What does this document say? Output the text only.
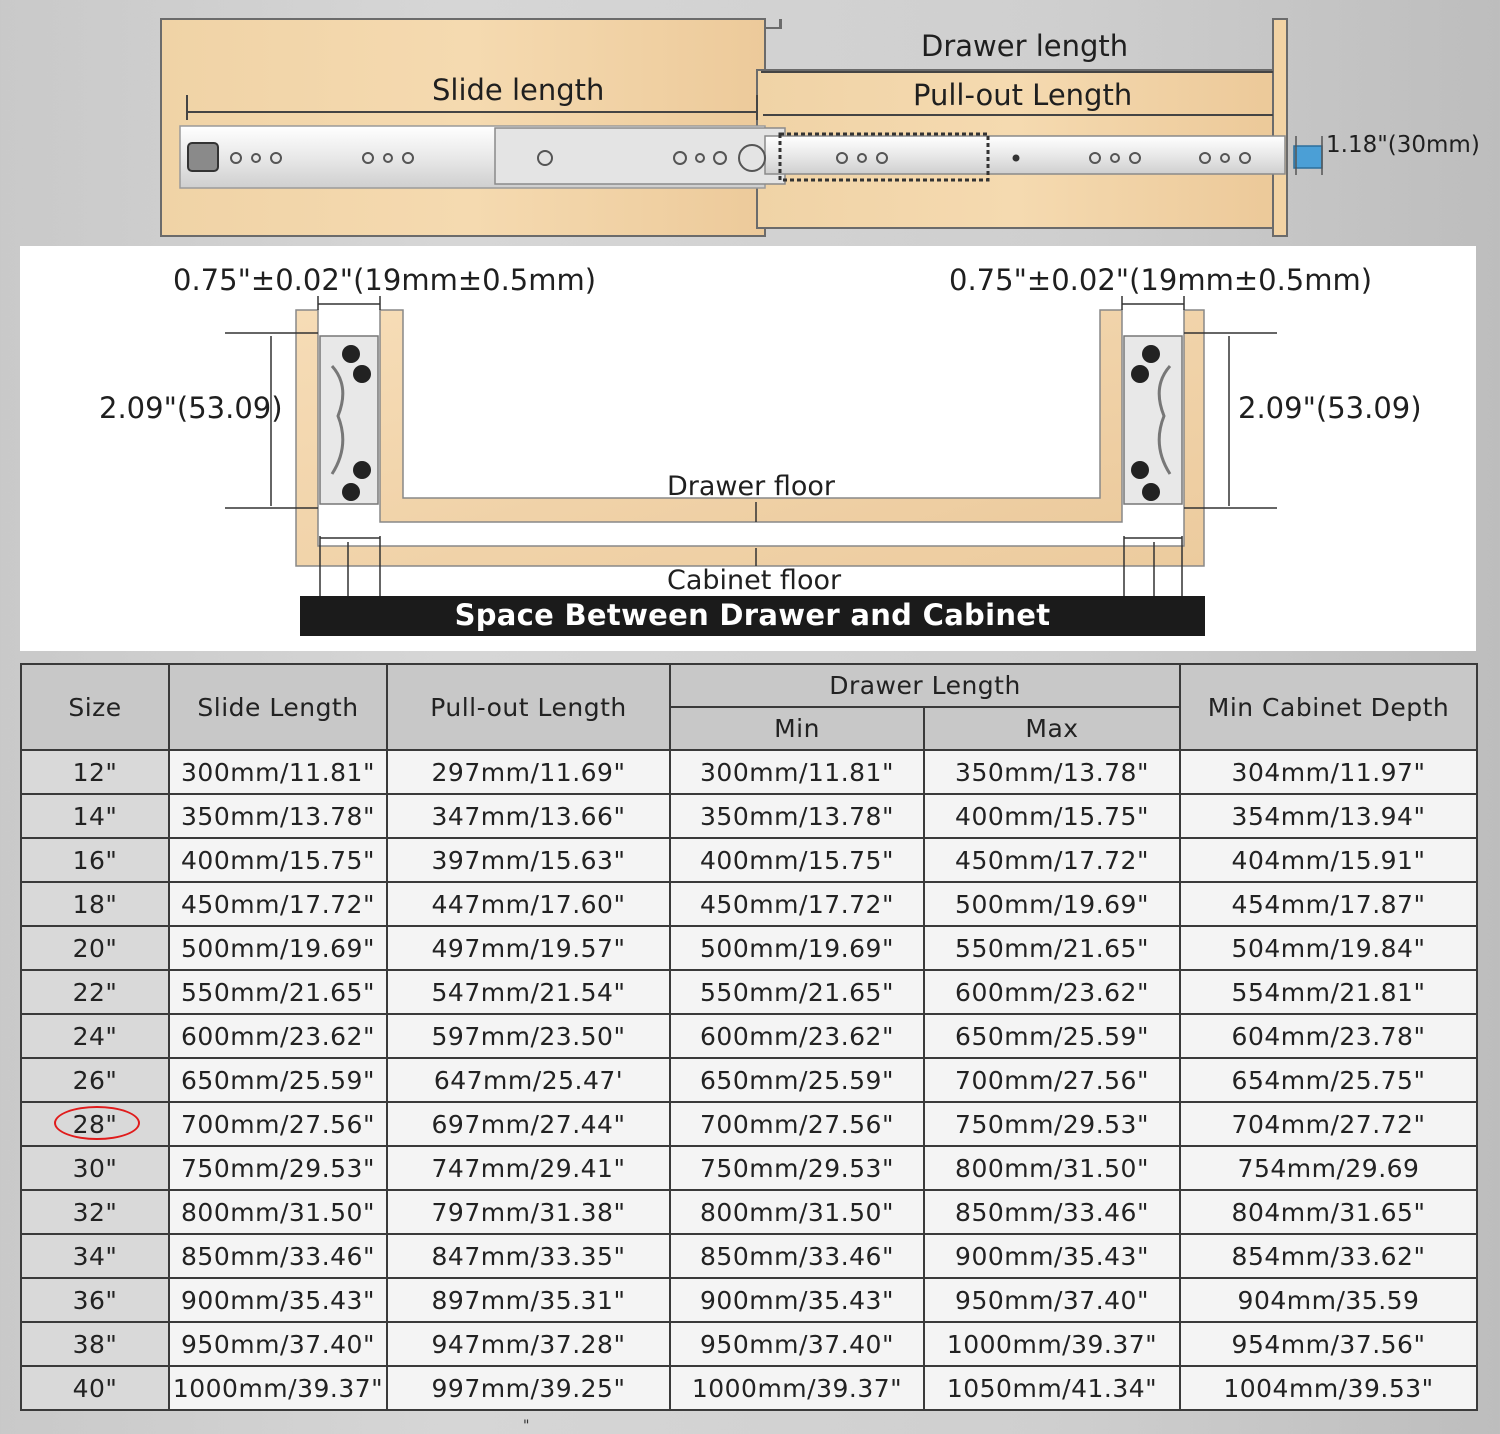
Drawer length
Slide length	Pull-out Length
1.18"(30mm)
0.75"±0.02"(19mm±0.5mm)	0.75"±0.02"(19mm±0.5mm)
2.09"(53.09)	2.09"(53.09)
Drawer floor
Cabinet floor
Space Between Drawer and Cabinet
Size	Slide Length	Pull-out Length	Drawer Length		Min Cabinet Depth
			Min	Max	
12"	300mm/11.81"	297mm/11.69"	300mm/11.81"	350mm/13.78"	304mm/11.97"
14"	350mm/13.78"	347mm/13.66"	350mm/13.78"	400mm/15.75"	354mm/13.94"
16"	400mm/15.75"	397mm/15.63"	400mm/15.75"	450mm/17.72"	404mm/15.91"
18"	450mm/17.72"	447mm/17.60"	450mm/17.72"	500mm/19.69"	454mm/17.87"
20"	500mm/19.69"	497mm/19.57"	500mm/19.69"	550mm/21.65"	504mm/19.84"
22"	550mm/21.65"	547mm/21.54"	550mm/21.65"	600mm/23.62"	554mm/21.81"
24"	600mm/23.62"	597mm/23.50"	600mm/23.62"	650mm/25.59"	604mm/23.78"
26"	650mm/25.59"	647mm/25.47'	650mm/25.59"	700mm/27.56"	654mm/25.75"
28"	700mm/27.56"	697mm/27.44"	700mm/27.56"	750mm/29.53"	704mm/27.72"
30"	750mm/29.53"	747mm/29.41"	750mm/29.53"	800mm/31.50"	754mm/29.69
32"	800mm/31.50"	797mm/31.38"	800mm/31.50"	850mm/33.46"	804mm/31.65"
34"	850mm/33.46"	847mm/33.35"	850mm/33.46"	900mm/35.43"	854mm/33.62"
36"	900mm/35.43"	897mm/35.31"	900mm/35.43"	950mm/37.40"	904mm/35.59
38"	950mm/37.40"	947mm/37.28"	950mm/37.40"	1000mm/39.37"	954mm/37.56"
40"	1000mm/39.37"	997mm/39.25"	1000mm/39.37"	1050mm/41.34"	1004mm/39.53"
"
